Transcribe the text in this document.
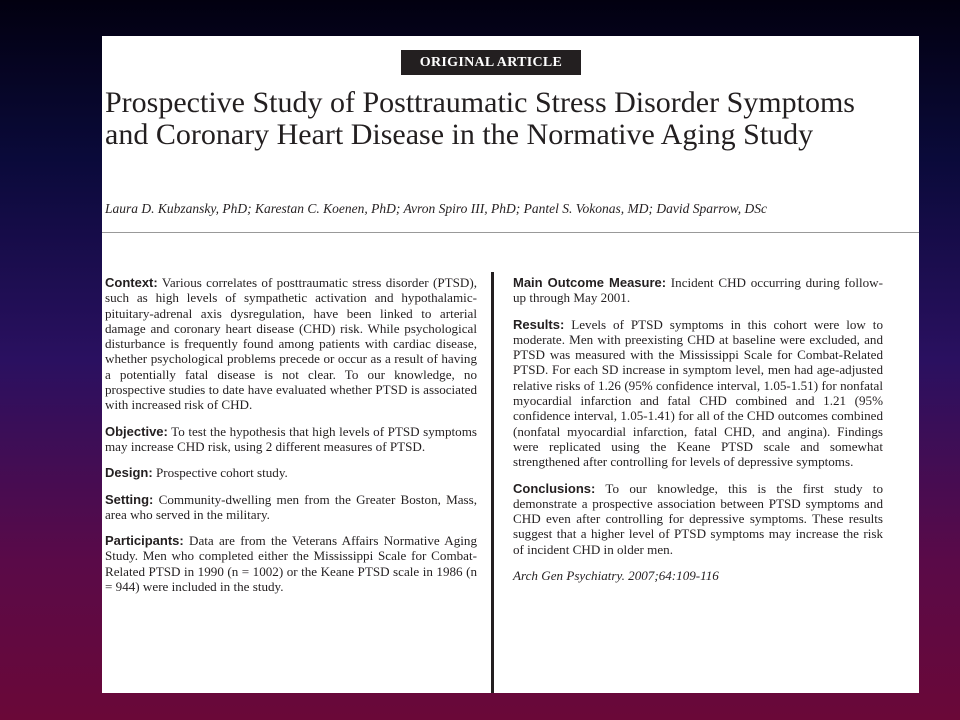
ORIGINAL ARTICLE
Prospective Study of Posttraumatic Stress Disorder Symptoms and Coronary Heart Disease in the Normative Aging Study
Laura D. Kubzansky, PhD; Karestan C. Koenen, PhD; Avron Spiro III, PhD; Pantel S. Vokonas, MD; David Sparrow, DSc

Context: Various correlates of posttraumatic stress disorder (PTSD), such as high levels of sympathetic activation and hypothalamic-pituitary-adrenal axis dysregulation, have been linked to arterial damage and coronary heart disease (CHD) risk. While psychological disturbance is frequently found among patients with cardiac disease, whether psychological problems precede or occur as a result of having a potentially fatal disease is not clear. To our knowledge, no prospective studies to date have evaluated whether PTSD is associated with increased risk of CHD.

Objective: To test the hypothesis that high levels of PTSD symptoms may increase CHD risk, using 2 different measures of PTSD.

Design: Prospective cohort study.

Setting: Community-dwelling men from the Greater Boston, Mass, area who served in the military.

Participants: Data are from the Veterans Affairs Normative Aging Study. Men who completed either the Mississippi Scale for Combat-Related PTSD in 1990 (n = 1002) or the Keane PTSD scale in 1986 (n = 944) were included in the study.

Main Outcome Measure: Incident CHD occurring during follow-up through May 2001.

Results: Levels of PTSD symptoms in this cohort were low to moderate. Men with preexisting CHD at baseline were excluded, and PTSD was measured with the Mississippi Scale for Combat-Related PTSD. For each SD increase in symptom level, men had age-adjusted relative risks of 1.26 (95% confidence interval, 1.05-1.51) for nonfatal myocardial infarction and fatal CHD combined and 1.21 (95% confidence interval, 1.05-1.41) for all of the CHD outcomes combined (nonfatal myocardial infarction, fatal CHD, and angina). Findings were replicated using the Keane PTSD scale and somewhat strengthened after controlling for levels of depressive symptoms.

Conclusions: To our knowledge, this is the first study to demonstrate a prospective association between PTSD symptoms and CHD even after controlling for depressive symptoms. These results suggest that a higher level of PTSD symptoms may increase the risk of incident CHD in older men.

Arch Gen Psychiatry. 2007;64:109-116
